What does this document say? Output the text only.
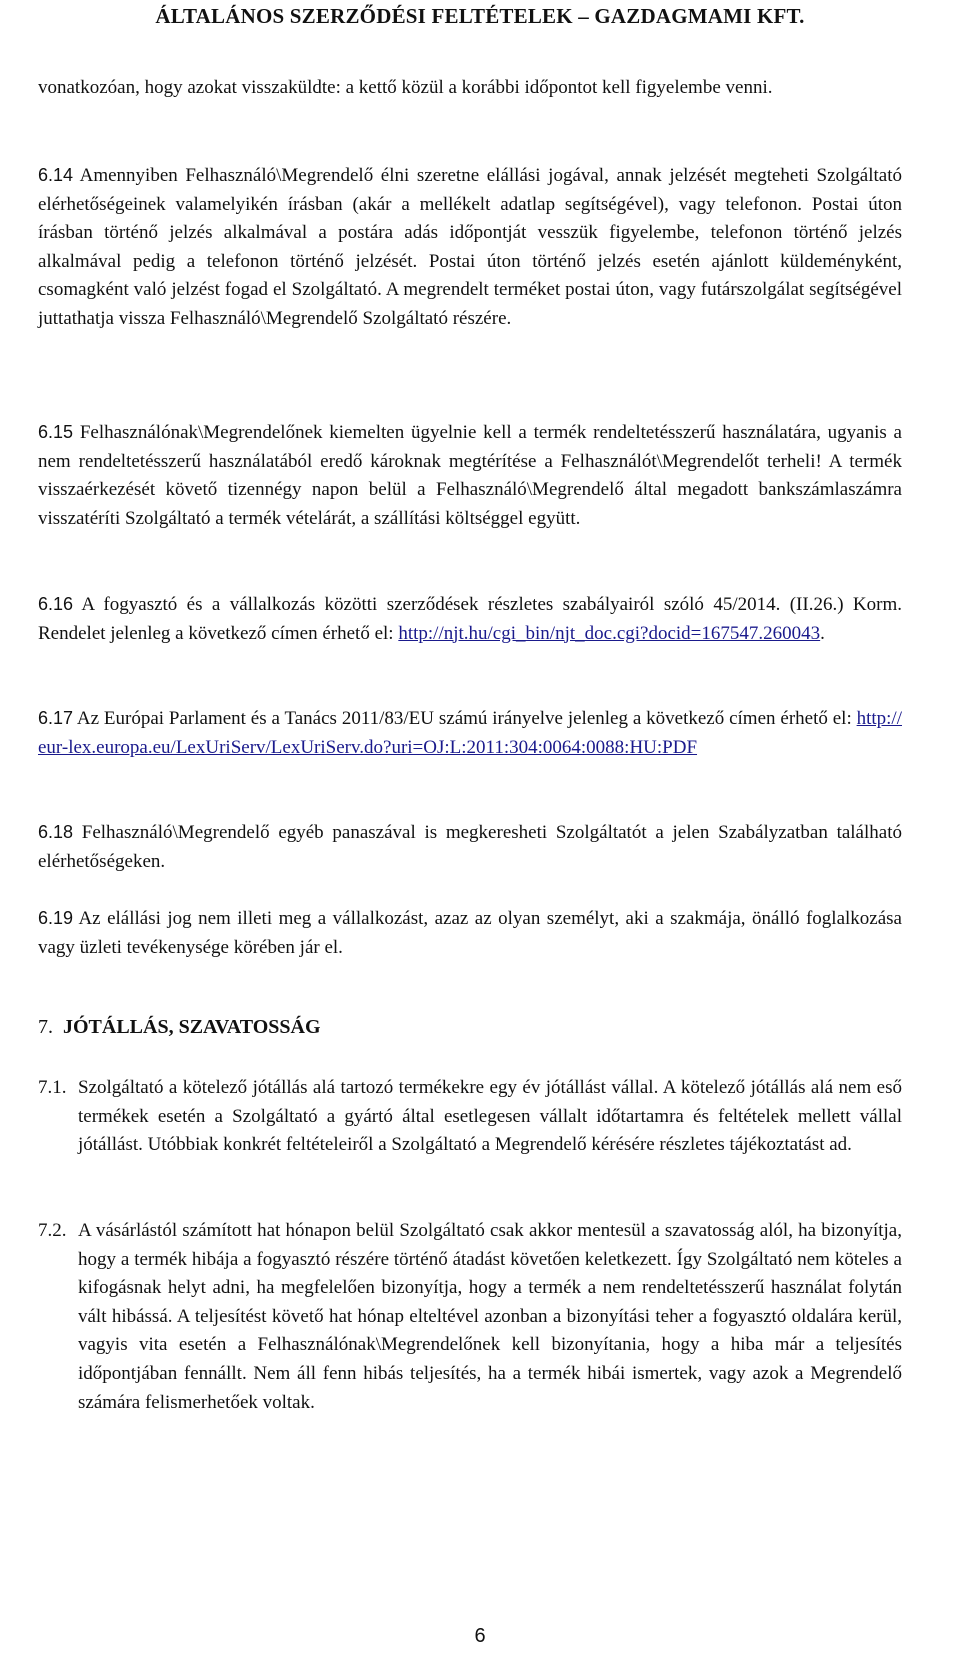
ÁLTALÁNOS SZERZŐDÉSI FELTÉTELEK – GAZDAGMAMI KFT.
vonatkozóan, hogy azokat visszaküldte: a kettő közül a korábbi időpontot kell figyelembe venni.
6.14 Amennyiben Felhasználó\Megrendelő élni szeretne elállási jogával, annak jelzését megteheti Szolgáltató elérhetőségeinek valamelyikén írásban (akár a mellékelt adatlap segítségével), vagy telefonon. Postai úton írásban történő jelzés alkalmával a postára adás időpontját vesszük figyelembe, telefonon történő jelzés alkalmával pedig a telefonon történő jelzését. Postai úton történő jelzés esetén ajánlott küldeményként, csomagként való jelzést fogad el Szolgáltató. A megrendelt terméket postai úton, vagy futárszolgálat segítségével juttathatja vissza Felhasználó\Megrendelő Szolgáltató részére.
6.15 Felhasználónak\Megrendelőnek kiemelten ügyelnie kell a termék rendeltetésszerű használatára, ugyanis a nem rendeltetésszerű használatából eredő károknak megtérítése a Felhasználót\Megrendelőt terheli! A termék visszaérkezését követő tizennégy napon belül a Felhasználó\Megrendelő által megadott bankszámlaszámra visszatéríti Szolgáltató a termék vételárát, a szállítási költséggel együtt.
6.16 A fogyasztó és a vállalkozás közötti szerződések részletes szabályairól szóló 45/2014. (II.26.) Korm. Rendelet jelenleg a következő címen érhető el: http://njt.hu/cgi_bin/njt_doc.cgi?docid=167547.260043.
6.17 Az Európai Parlament és a Tanács 2011/83/EU számú irányelve jelenleg a következő címen érhető el: http://eur-lex.europa.eu/LexUriServ/LexUriServ.do?uri=OJ:L:2011:304:0064:0088:HU:PDF
6.18 Felhasználó\Megrendelő egyéb panaszával is megkeresheti Szolgáltatót a jelen Szabályzatban található elérhetőségeken.
6.19 Az elállási jog nem illeti meg a vállalkozást, azaz az olyan személyt, aki a szakmája, önálló foglalkozása vagy üzleti tevékenysége körében jár el.
7. JÓTÁLLÁS, SZAVATOSSÁG
7.1. Szolgáltató a kötelező jótállás alá tartozó termékekre egy év jótállást vállal. A kötelező jótállás alá nem eső termékek esetén a Szolgáltató a gyártó által esetlegesen vállalt időtartamra és feltételek mellett vállal jótállást. Utóbbiak konkrét feltételeiről a Szolgáltató a Megrendelő kérésére részletes tájékoztatást ad.
7.2. A vásárlástól számított hat hónapon belül Szolgáltató csak akkor mentesül a szavatosság alól, ha bizonyítja, hogy a termék hibája a fogyasztó részére történő átadást követően keletkezett. Így Szolgáltató nem köteles a kifogásnak helyt adni, ha megfelelően bizonyítja, hogy a termék a nem rendeltetésszerű használat folytán vált hibássá. A teljesítést követő hat hónap elteltével azonban a bizonyítási teher a fogyasztó oldalára kerül, vagyis vita esetén a Felhasználónak\Megrendelőnek kell bizonyítania, hogy a hiba már a teljesítés időpontjában fennállt. Nem áll fenn hibás teljesítés, ha a termék hibái ismertek, vagy azok a Megrendelő számára felismerhetőek voltak.
6
